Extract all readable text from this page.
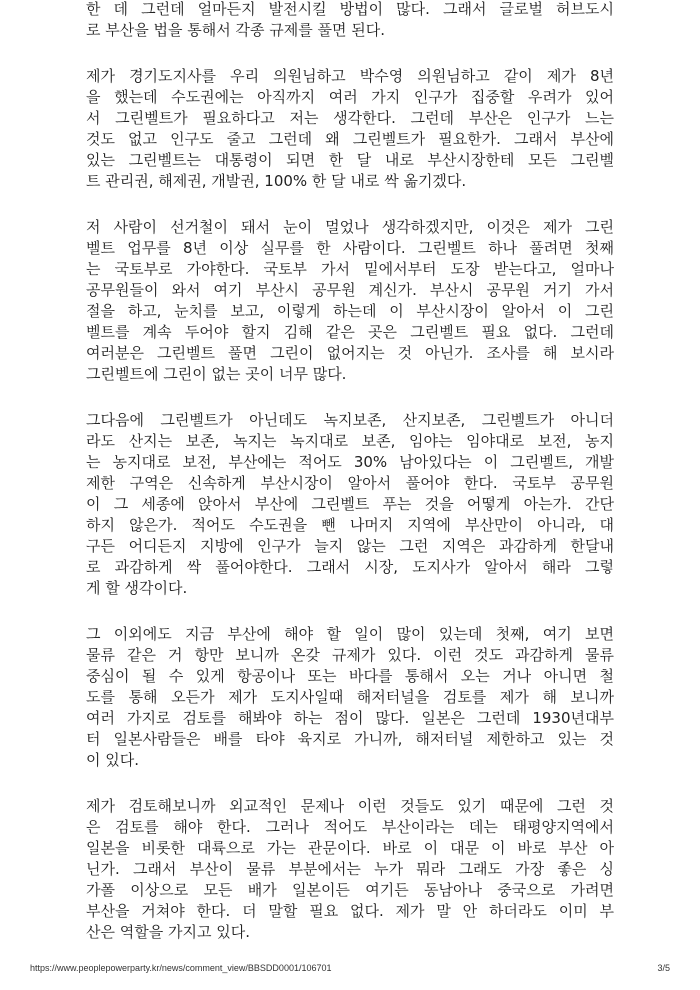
한 데 그런데 얼마든지 발전시킬 방법이 많다. 그래서 글로벌 허브도시
로 부산을 법을 통해서 각종 규제를 풀면 된다.
제가 경기도지사를 우리 의원님하고 박수영 의원님하고 같이 제가 8년
을 했는데 수도권에는 아직까지 여러 가지 인구가 집중할 우려가 있어
서 그린벨트가 필요하다고 저는 생각한다. 그런데 부산은 인구가 느는
것도 없고 인구도 줄고 그런데 왜 그린벨트가 필요한가. 그래서 부산에
있는 그린벨트는 대통령이 되면 한 달 내로 부산시장한테 모든 그린벨
트 관리권, 해제권, 개발권, 100% 한 달 내로 싹 옮기겠다.
저 사람이 선거철이 돼서 눈이 멀었나 생각하겠지만, 이것은 제가 그린
벨트 업무를 8년 이상 실무를 한 사람이다. 그린벨트 하나 풀려면 첫째
는 국토부로 가야한다. 국토부 가서 밑에서부터 도장 받는다고, 얼마나
공무원들이 와서 여기 부산시 공무원 계신가. 부산시 공무원 거기 가서
절을 하고, 눈치를 보고, 이렇게 하는데 이 부산시장이 알아서 이 그린
벨트를 계속 두어야 할지 김해 같은 곳은 그린벨트 필요 없다. 그런데
여러분은 그린벨트 풀면 그린이 없어지는 것 아닌가. 조사를 해 보시라
그린벨트에 그린이 없는 곳이 너무 많다.
그다음에 그린벨트가 아닌데도 녹지보존, 산지보존, 그린벨트가 아니더
라도 산지는 보존, 녹지는 녹지대로 보존, 임야는 임야대로 보전, 농지
는 농지대로 보전, 부산에는 적어도 30% 남아있다는 이 그린벨트, 개발
제한 구역은 신속하게 부산시장이 알아서 풀어야 한다. 국토부 공무원
이 그 세종에 앉아서 부산에 그린벨트 푸는 것을 어떻게 아는가. 간단
하지 않은가. 적어도 수도권을 뺀 나머지 지역에 부산만이 아니라, 대
구든 어디든지 지방에 인구가 늘지 않는 그런 지역은 과감하게 한달내
로 과감하게 싹 풀어야한다. 그래서 시장, 도지사가 알아서 해라 그렇
게 할 생각이다.
그 이외에도 지금 부산에 해야 할 일이 많이 있는데 첫째, 여기 보면
물류 같은 거 항만 보니까 온갖 규제가 있다. 이런 것도 과감하게 물류
중심이 될 수 있게 항공이나 또는 바다를 통해서 오는 거나 아니면 철
도를 통해 오든가 제가 도지사일때 해저터널을 검토를 제가 해 보니까
여러 가지로 검토를 해봐야 하는 점이 많다. 일본은 그런데 1930년대부
터 일본사람들은 배를 타야 육지로 가니까, 해저터널 제한하고 있는 것
이 있다.
제가 검토해보니까 외교적인 문제나 이런 것들도 있기 때문에 그런 것
은 검토를 해야 한다. 그러나 적어도 부산이라는 데는 태평양지역에서
일본을 비롯한 대륙으로 가는 관문이다. 바로 이 대문 이 바로 부산 아
닌가. 그래서 부산이 물류 부분에서는 누가 뭐라 그래도 가장 좋은 싱
가폴 이상으로 모든 배가 일본이든 여기든 동남아나 중국으로 가려면
부산을 거쳐야 한다. 더 말할 필요 없다. 제가 말 안 하더라도 이미 부
산은 역할을 가지고 있다.
https://www.peoplepowerparty.kr/news/comment_view/BBSDD0001/106701	3/5
